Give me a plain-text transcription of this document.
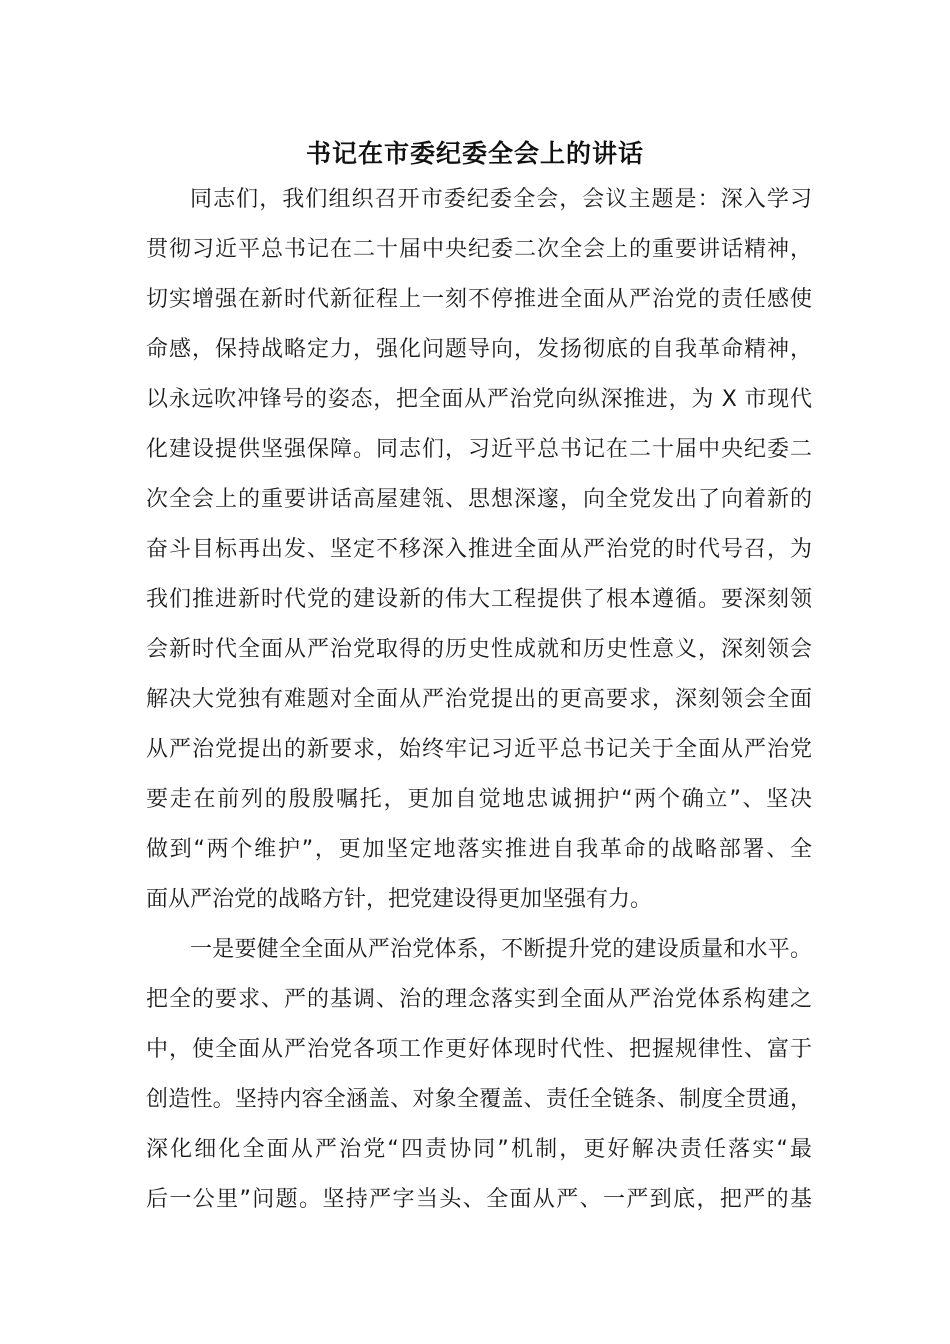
书记在市委纪委全会上的讲话
同志们，我们组织召开市委纪委全会，会议主题是：深入学习
贯彻习近平总书记在二十届中央纪委二次全会上的重要讲话精神，
切实增强在新时代新征程上一刻不停推进全面从严治党的责任感使
命感，保持战略定力，强化问题导向，发扬彻底的自我革命精神，
以永远吹冲锋号的姿态，把全面从严治党向纵深推进，为 X 市现代
化建设提供坚强保障。同志们，习近平总书记在二十届中央纪委二
次全会上的重要讲话高屋建瓴、思想深邃，向全党发出了向着新的
奋斗目标再出发、坚定不移深入推进全面从严治党的时代号召，为
我们推进新时代党的建设新的伟大工程提供了根本遵循。要深刻领
会新时代全面从严治党取得的历史性成就和历史性意义，深刻领会
解决大党独有难题对全面从严治党提出的更高要求，深刻领会全面
从严治党提出的新要求，始终牢记习近平总书记关于全面从严治党
要走在前列的殷殷嘱托，更加自觉地忠诚拥护“两个确立”、坚决
做到“两个维护”，更加坚定地落实推进自我革命的战略部署、全
面从严治党的战略方针，把党建设得更加坚强有力。
一是要健全全面从严治党体系，不断提升党的建设质量和水平。
把全的要求、严的基调、治的理念落实到全面从严治党体系构建之
中，使全面从严治党各项工作更好体现时代性、把握规律性、富于
创造性。坚持内容全涵盖、对象全覆盖、责任全链条、制度全贯通，
深化细化全面从严治党“四责协同”机制，更好解决责任落实“最
后一公里”问题。坚持严字当头、全面从严、一严到底，把严的基
